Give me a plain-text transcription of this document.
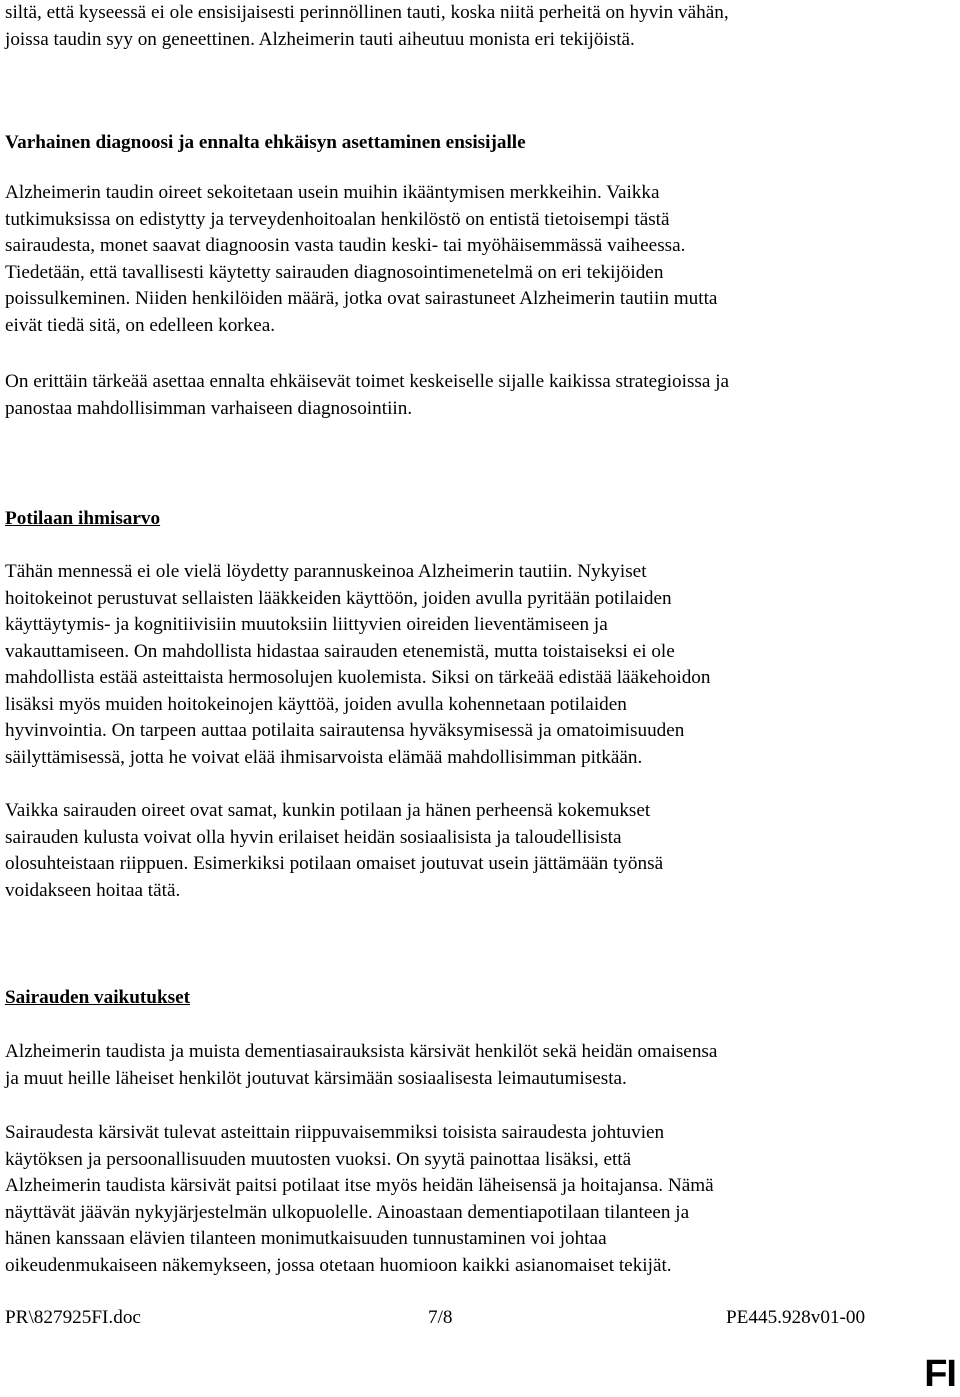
siltä, että kyseessä ei ole ensisijaisesti perinnöllinen tauti, koska niitä perheitä on hyvin vähän,
joissa taudin syy on geneettinen. Alzheimerin tauti aiheutuu monista eri tekijöistä.

Varhainen diagnoosi ja ennalta ehkäisyn asettaminen ensisijalle

Alzheimerin taudin oireet sekoitetaan usein muihin ikääntymisen merkkeihin. Vaikka
tutkimuksissa on edistytty ja terveydenhoitoalan henkilöstö on entistä tietoisempi tästä
sairaudesta, monet saavat diagnoosin vasta taudin keski- tai myöhäisemmässä vaiheessa.
Tiedetään, että tavallisesti käytetty sairauden diagnosointimenetelmä on eri tekijöiden
poissulkeminen. Niiden henkilöiden määrä, jotka ovat sairastuneet Alzheimerin tautiin mutta
eivät tiedä sitä, on edelleen korkea.

On erittäin tärkeää asettaa ennalta ehkäisevät toimet keskeiselle sijalle kaikissa strategioissa ja
panostaa mahdollisimman varhaiseen diagnosointiin.

Potilaan ihmisarvo

Tähän mennessä ei ole vielä löydetty parannuskeinoa Alzheimerin tautiin. Nykyiset
hoitokeinot perustuvat sellaisten lääkkeiden käyttöön, joiden avulla pyritään potilaiden
käyttäytymis- ja kognitiivisiin muutoksiin liittyvien oireiden lieventämiseen ja
vakauttamiseen. On mahdollista hidastaa sairauden etenemistä, mutta toistaiseksi ei ole
mahdollista estää asteittaista hermosolujen kuolemista. Siksi on tärkeää edistää lääkehoidon
lisäksi myös muiden hoitokeinojen käyttöä, joiden avulla kohennetaan potilaiden
hyvinvointia. On tarpeen auttaa potilaita sairautensa hyväksymisessä ja omatoimisuuden
säilyttämisessä, jotta he voivat elää ihmisarvoista elämää mahdollisimman pitkään.

Vaikka sairauden oireet ovat samat, kunkin potilaan ja hänen perheensä kokemukset
sairauden kulusta voivat olla hyvin erilaiset heidän sosiaalisista ja taloudellisista
olosuhteistaan riippuen. Esimerkiksi potilaan omaiset joutuvat usein jättämään työnsä
voidakseen hoitaa tätä.

Sairauden vaikutukset

Alzheimerin taudista ja muista dementiasairauksista kärsivät henkilöt sekä heidän omaisensa
ja muut heille läheiset henkilöt joutuvat kärsimään sosiaalisesta leimautumisesta.

Sairaudesta kärsivät tulevat asteittain riippuvaisemmiksi toisista sairaudesta johtuvien
käytöksen ja persoonallisuuden muutosten vuoksi. On syytä painottaa lisäksi, että
Alzheimerin taudista kärsivät paitsi potilaat itse myös heidän läheisensä ja hoitajansa. Nämä
näyttävät jäävän nykyjärjestelmän ulkopuolelle. Ainoastaan dementiapotilaan tilanteen ja
hänen kanssaan elävien tilanteen monimutkaisuuden tunnustaminen voi johtaa
oikeudenmukaiseen näkemykseen, jossa otetaan huomioon kaikki asianomaiset tekijät.

PR\827925FI.doc	7/8	PE445.928v01-00
FI
